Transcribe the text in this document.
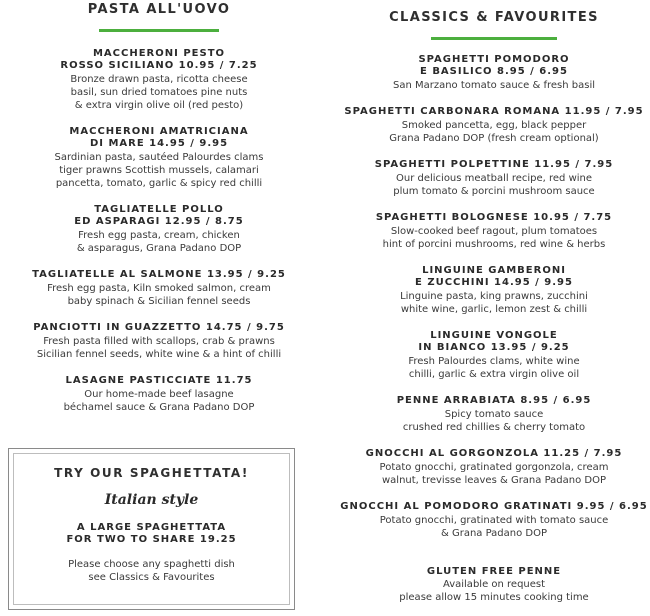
PASTA ALL'UOVO
MACCHERONI PESTO
ROSSO SICILIANO 10.95 / 7.25
Bronze drawn pasta, ricotta cheese
basil, sun dried tomatoes pine nuts
& extra virgin olive oil (red pesto)
MACCHERONI AMATRICIANA
DI MARE 14.95 / 9.95
Sardinian pasta, sautéed Palourdes clams
tiger prawns Scottish mussels, calamari
pancetta, tomato, garlic & spicy red chilli
TAGLIATELLE POLLO
ED ASPARAGI 12.95 / 8.75
Fresh egg pasta, cream, chicken
& asparagus, Grana Padano DOP
TAGLIATELLE AL SALMONE 13.95 / 9.25
Fresh egg pasta, Kiln smoked salmon, cream
baby spinach & Sicilian fennel seeds
PANCIOTTI IN GUAZZETTO 14.75 / 9.75
Fresh pasta filled with scallops, crab & prawns
Sicilian fennel seeds, white wine & a hint of chilli
LASAGNE PASTICCIATE 11.75
Our home-made beef lasagne
béchamel sauce & Grana Padano DOP
TRY OUR SPAGHETTATA!
Italian style
A LARGE SPAGHETTATA
FOR TWO TO SHARE 19.25
Please choose any spaghetti dish
see Classics & Favourites
CLASSICS & FAVOURITES
SPAGHETTI POMODORO
E BASILICO 8.95 / 6.95
San Marzano tomato sauce & fresh basil
SPAGHETTI CARBONARA ROMANA 11.95 / 7.95
Smoked pancetta, egg, black pepper
Grana Padano DOP (fresh cream optional)
SPAGHETTI POLPETTINE 11.95 / 7.95
Our delicious meatball recipe, red wine
plum tomato & porcini mushroom sauce
SPAGHETTI BOLOGNESE 10.95 / 7.75
Slow-cooked beef ragout, plum tomatoes
hint of porcini mushrooms, red wine & herbs
LINGUINE GAMBERONI
E ZUCCHINI 14.95 / 9.95
Linguine pasta, king prawns, zucchini
white wine, garlic, lemon zest & chilli
LINGUINE VONGOLE
IN BIANCO 13.95 / 9.25
Fresh Palourdes clams, white wine
chilli, garlic & extra virgin olive oil
PENNE ARRABIATA 8.95 / 6.95
Spicy tomato sauce
crushed red chillies & cherry tomato
GNOCCHI AL GORGONZOLA 11.25 / 7.95
Potato gnocchi, gratinated gorgonzola, cream
walnut, trevisse leaves & Grana Padano DOP
GNOCCHI AL POMODORO GRATINATI 9.95 / 6.95
Potato gnocchi, gratinated with tomato sauce
& Grana Padano DOP
GLUTEN FREE PENNE
Available on request
please allow 15 minutes cooking time
